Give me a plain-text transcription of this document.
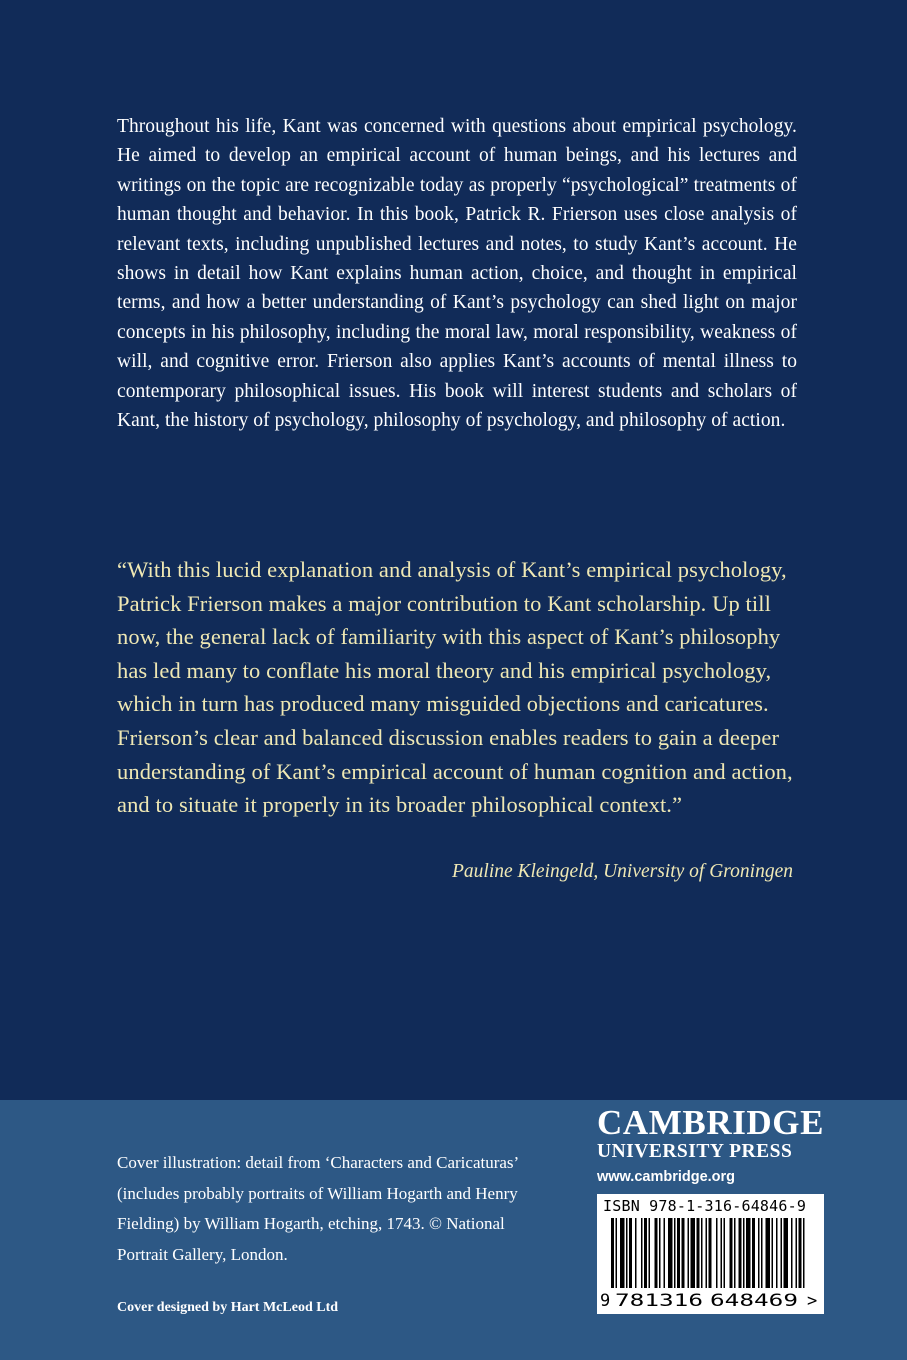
Throughout his life, Kant was concerned with questions about empirical psychology. He aimed to develop an empirical account of human beings, and his lectures and writings on the topic are recognizable today as properly “psychological” treatments of human thought and behavior. In this book, Patrick R. Frierson uses close analysis of relevant texts, including unpublished lectures and notes, to study Kant’s account. He shows in detail how Kant explains human action, choice, and thought in empirical terms, and how a better understanding of Kant’s psychology can shed light on major concepts in his philosophy, including the moral law, moral responsibility, weakness of will, and cognitive error. Frierson also applies Kant’s accounts of mental illness to contemporary philosophical issues. His book will interest students and scholars of Kant, the history of psychology, philosophy of psychology, and philosophy of action.

“With this lucid explanation and analysis of Kant’s empirical psychology, Patrick Frierson makes a major contribution to Kant scholarship. Up till now, the general lack of familiarity with this aspect of Kant’s philosophy has led many to conflate his moral theory and his empirical psychology, which in turn has produced many misguided objections and caricatures. Frierson’s clear and balanced discussion enables readers to gain a deeper understanding of Kant’s empirical account of human cognition and action, and to situate it properly in its broader philosophical context.”

Pauline Kleingeld, University of Groningen

Cover illustration: detail from ‘Characters and Caricaturas’ (includes probably portraits of William Hogarth and Henry Fielding) by William Hogarth, etching, 1743. © National Portrait Gallery, London.

Cover designed by Hart McLeod Ltd

CAMBRIDGE

UNIVERSITY PRESS

www.cambridge.org

9 781316 648469 >

ISBN 978-1-316-64846-9
